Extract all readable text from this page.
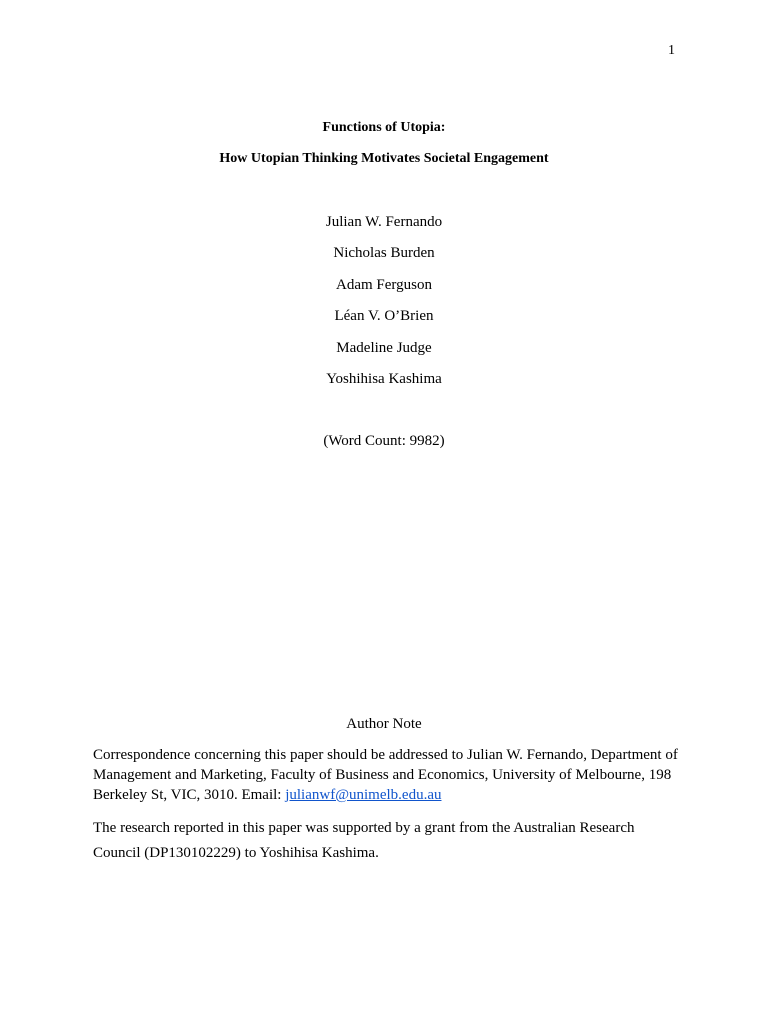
1

Functions of Utopia:

How Utopian Thinking Motivates Societal Engagement

Julian W. Fernando
Nicholas Burden
Adam Ferguson
Léan V. O’Brien
Madeline Judge
Yoshihisa Kashima
(Word Count: 9982)
Author Note
Correspondence concerning this paper should be addressed to Julian W. Fernando, Department of Management and Marketing, Faculty of Business and Economics, University of Melbourne, 198 Berkeley St, VIC, 3010. Email: julianwf@unimelb.edu.au
The research reported in this paper was supported by a grant from the Australian Research Council (DP130102229) to Yoshihisa Kashima.
